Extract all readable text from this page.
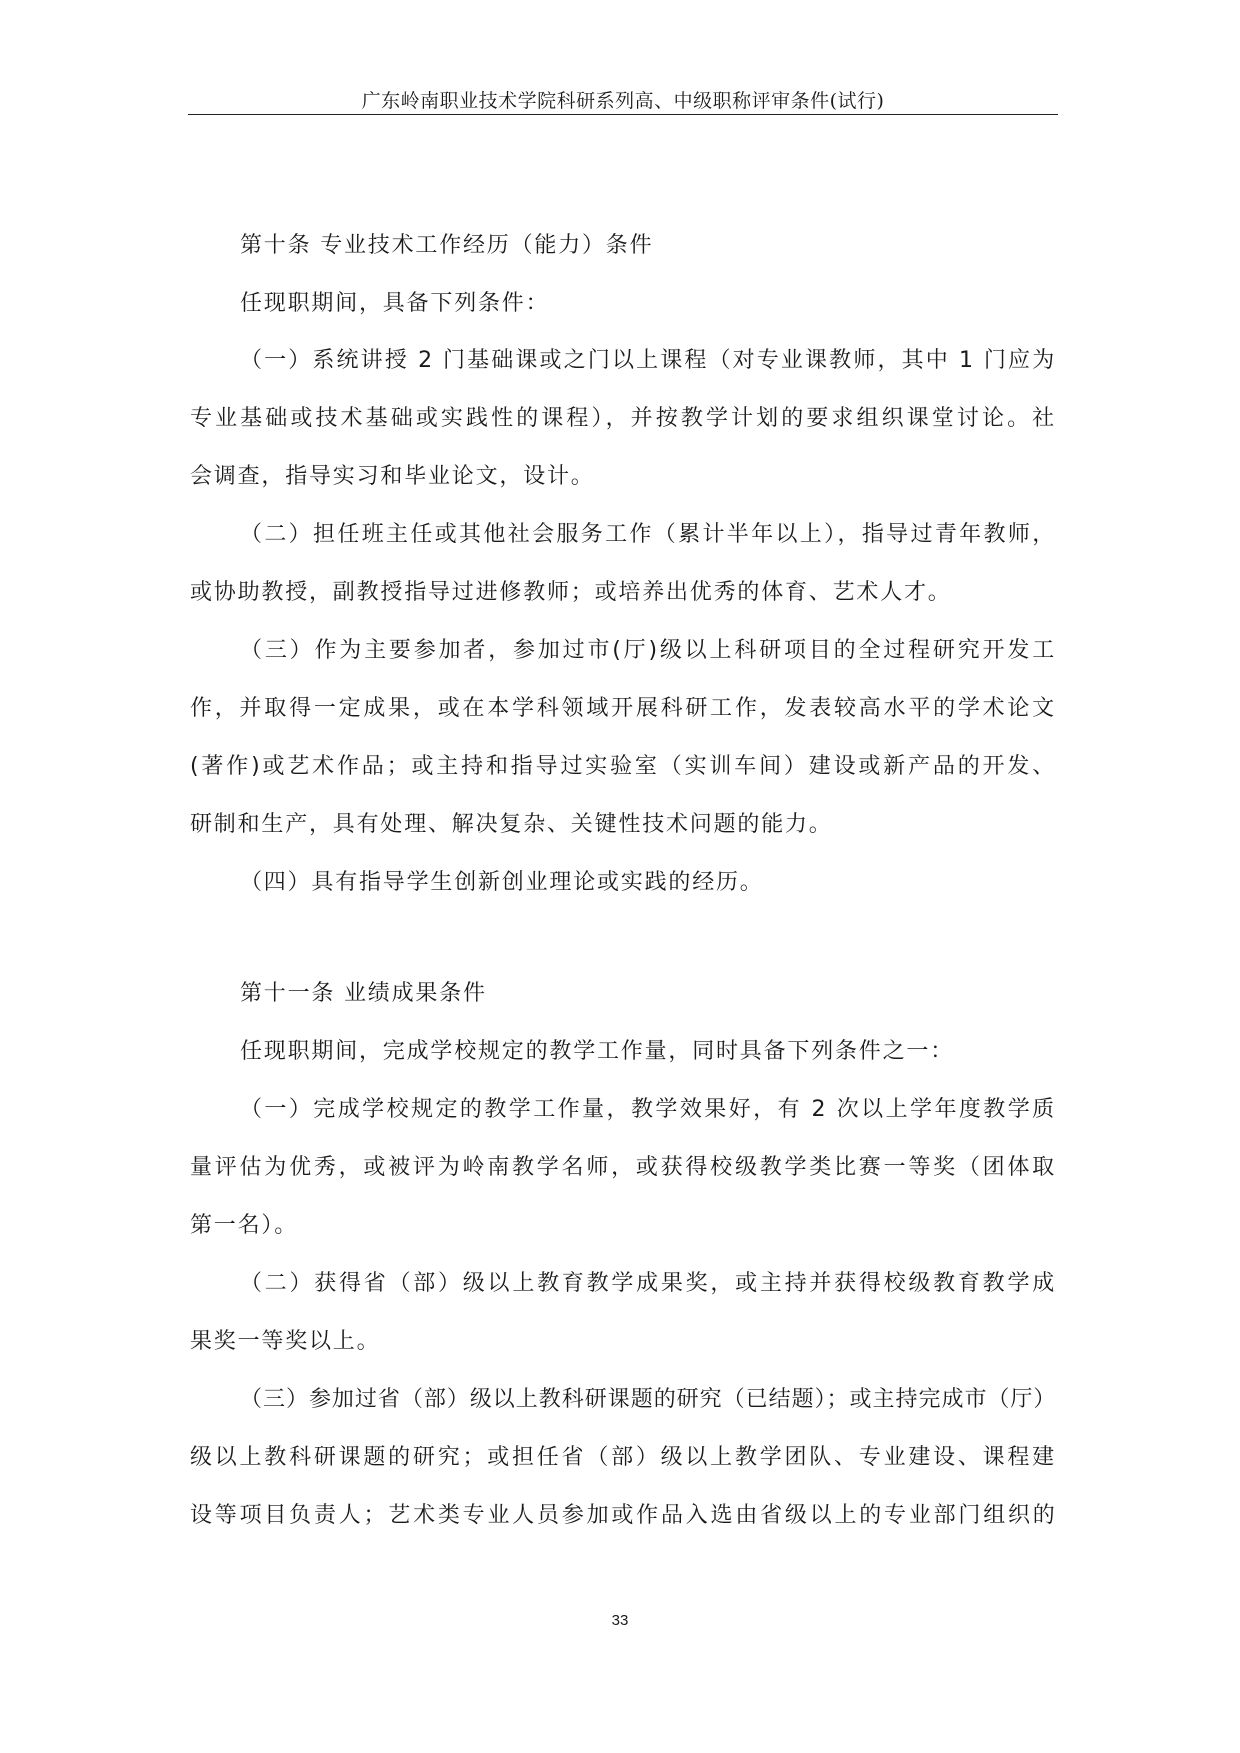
广东岭南职业技术学院科研系列高、中级职称评审条件(试行)
第十条 专业技术工作经历（能力）条件
任现职期间，具备下列条件：
（一）系统讲授 2 门基础课或之门以上课程（对专业课教师，其中 1 门应为
专业基础或技术基础或实践性的课程），并按教学计划的要求组织课堂讨论。社
会调查，指导实习和毕业论文，设计。
（二）担任班主任或其他社会服务工作（累计半年以上），指导过青年教师，
或协助教授，副教授指导过进修教师；或培养出优秀的体育、艺术人才。
（三）作为主要参加者，参加过市(厅)级以上科研项目的全过程研究开发工
作，并取得一定成果，或在本学科领域开展科研工作，发表较高水平的学术论文
(著作)或艺术作品；或主持和指导过实验室（实训车间）建设或新产品的开发、
研制和生产，具有处理、解决复杂、关键性技术问题的能力。
（四）具有指导学生创新创业理论或实践的经历。
第十一条 业绩成果条件
任现职期间，完成学校规定的教学工作量，同时具备下列条件之一：
（一）完成学校规定的教学工作量，教学效果好，有 2 次以上学年度教学质
量评估为优秀，或被评为岭南教学名师，或获得校级教学类比赛一等奖（团体取
第一名）。
（二）获得省（部）级以上教育教学成果奖，或主持并获得校级教育教学成
果奖一等奖以上。
（三）参加过省（部）级以上教科研课题的研究（已结题）；或主持完成市（厅）
级以上教科研课题的研究；或担任省（部）级以上教学团队、专业建设、课程建
设等项目负责人；艺术类专业人员参加或作品入选由省级以上的专业部门组织的
33
